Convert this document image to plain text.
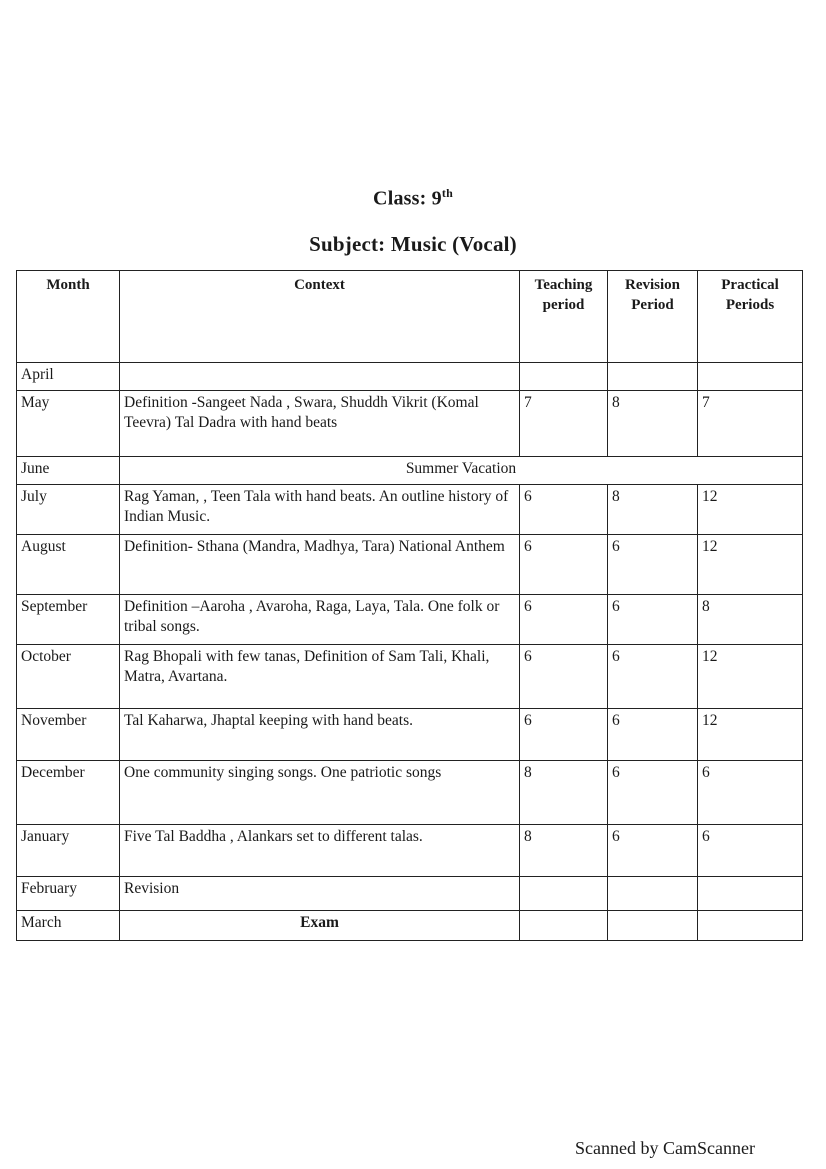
Class: 9th
Subject: Music (Vocal)
Month	Context	Teaching period	Revision Period	Practical Periods
April				
May	Definition -Sangeet Nada , Swara, Shuddh Vikrit (Komal Teevra) Tal Dadra with hand beats	7	8	7
June	Summer Vacation			
July	Rag Yaman, , Teen Tala with hand beats. An outline history of Indian Music.	6	8	12
August	Definition- Sthana (Mandra, Madhya, Tara) National Anthem	6	6	12
September	Definition –Aaroha , Avaroha, Raga, Laya, Tala. One folk or tribal songs.	6	6	8
October	Rag Bhopali with few tanas, Definition of Sam Tali, Khali, Matra, Avartana.	6	6	12
November	Tal Kaharwa, Jhaptal keeping with hand beats.	6	6	12
December	One community singing songs. One patriotic songs	8	6	6
January	Five Tal Baddha , Alankars set to different talas.	8	6	6
February	Revision			
March	Exam			
Scanned by CamScanner
